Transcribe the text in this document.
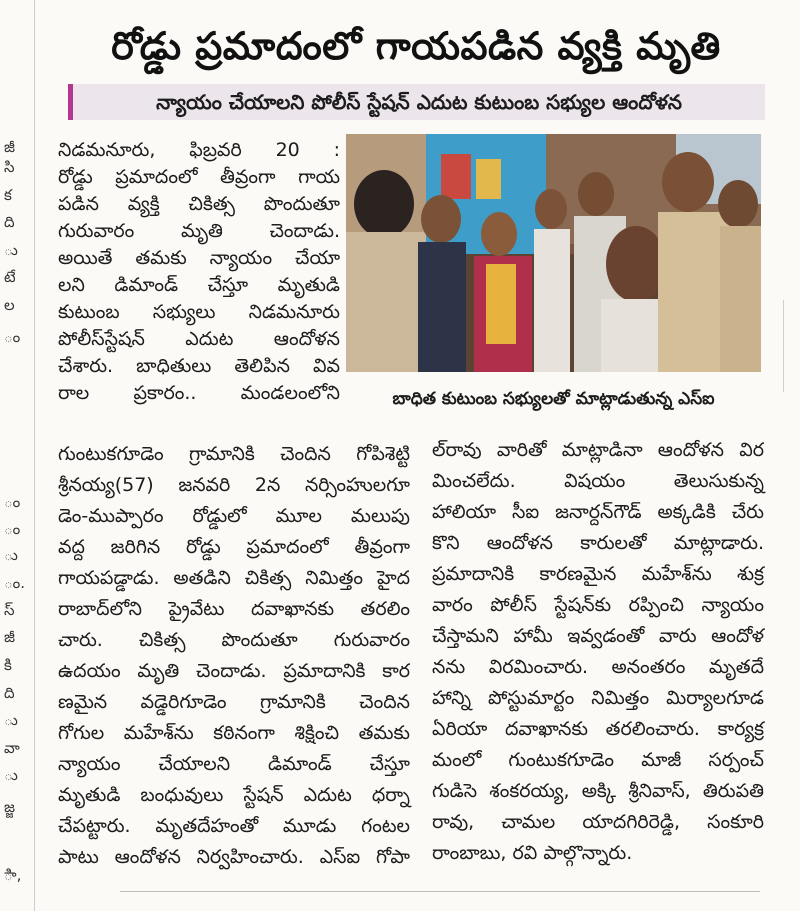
జీ
సి
క
ది
ు
టే
ల
ం
ం
ం
ు
ం.
స్
జీ
కి
ది
ు
వా
ు
జ్జ
ిా,
రోడ్డు ప్రమాదంలో గాయపడిన వ్యక్తి మృతి
న్యాయం చేయాలని పోలీస్‌ స్టేషన్‌ ఎదుట కుటుంబ సభ్యుల ఆందోళన
బాధిత కుటుంబ సభ్యులతో మాట్లాడుతున్న ఎస్‌ఐ
నిడమనూరు, ఫిబ్రవరి 20 :
రోడ్డు ప్రమాదంలో తీవ్రంగా గాయ
పడిన వ్యక్తి చికిత్స పొందుతూ
గురువారం మృతి చెందాడు.
అయితే తమకు న్యాయం చేయా
లని డిమాండ్‌ చేస్తూ మృతుడి
కుటుంబ సభ్యులు నిడమనూరు
పోలీస్‌స్టేషన్‌ ఎదుట ఆందోళన
చేశారు. బాధితులు తెలిపిన వివ
రాల ప్రకారం.. మండలంలోని
గుంటుకగూడెం గ్రామానికి చెందిన గోపిశెట్టి
శ్రీనయ్య(57) జనవరి 2న నర్సింహులగూ
డెం-ముప్పారం రోడ్డులో మూల మలుపు
వద్ద జరిగిన రోడ్డు ప్రమాదంలో తీవ్రంగా
గాయపడ్డాడు. అతడిని చికిత్స నిమిత్తం హైద
రాబాద్‌లోని ప్రైవేటు దవాఖానకు తరలిం
చారు. చికిత్స పొందుతూ గురువారం
ఉదయం మృతి చెందాడు. ప్రమాదానికి కార
ణమైన వడ్డెరిగూడెం గ్రామానికి చెందిన
గోగుల మహేశ్‌ను కఠినంగా శిక్షించి తమకు
న్యాయం చేయాలని డిమాండ్‌ చేస్తూ
మృతుడి బంధువులు స్టేషన్‌ ఎదుట ధర్నా
చేపట్టారు. మృతదేహంతో మూడు గంటల
పాటు ఆందోళన నిర్వహించారు. ఎస్‌ఐ గోపా
ల్‌రావు వారితో మాట్లాడినా ఆందోళన విర
మించలేదు. విషయం తెలుసుకున్న
హాలియా సీఐ జనార్దన్‌గౌడ్‌ అక్కడికి చేరు
కొని ఆందోళన కారులతో మాట్లాడారు.
ప్రమాదానికి కారణమైన మహేశ్‌ను శుక్ర
వారం పోలీస్‌ స్టేషన్‌కు రప్పించి న్యాయం
చేస్తామని హామీ ఇవ్వడంతో వారు ఆందోళ
నను విరమించారు. అనంతరం మృతదే
హాన్ని పోస్టుమార్టం నిమిత్తం మిర్యాలగూడ
ఏరియా దవాఖానకు తరలించారు. కార్యక్ర
మంలో గుంటుకగూడెం మాజీ సర్పంచ్‌
గుడిసె శంకరయ్య, అక్కి శ్రీనివాస్‌, తిరుపతి
రావు, చామల యాదగిరిరెడ్డి, సంకూరి
రాంబాబు, రవి పాల్గొన్నారు.
